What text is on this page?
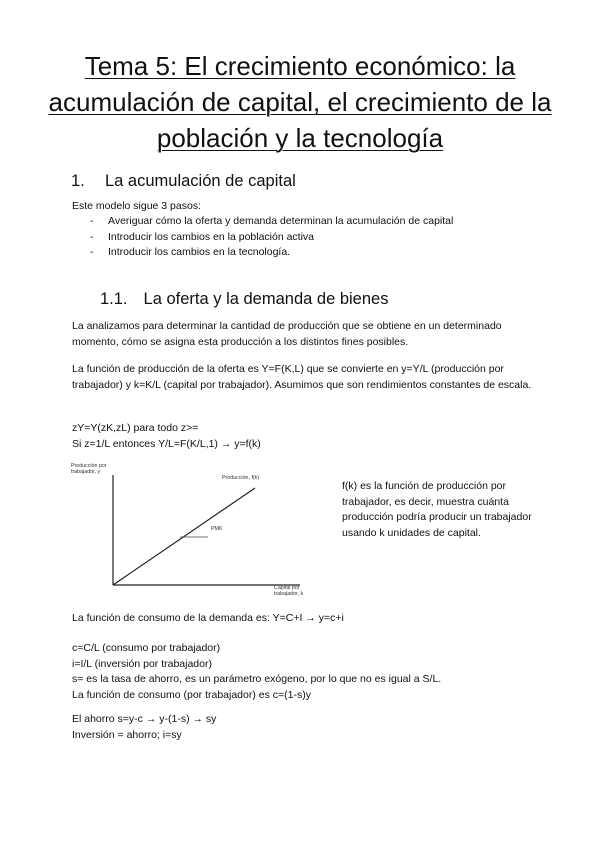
Tema 5: El crecimiento económico: la
acumulación de capital, el crecimiento de la
población y la tecnología
1. La acumulación de capital

Este modelo sigue 3 pasos:

- Averiguar cómo la oferta y demanda determinan la acumulación de capital
- Introducir los cambios en la población activa
- Introducir los cambios en la tecnología.
1.1. La oferta y la demanda de bienes

La analizamos para determinar la cantidad de producción que se obtiene en un determinado momento, cómo se asigna esta producción a los distintos fines posibles.

La función de producción de la oferta es Y=F(K,L) que se convierte en y=Y/L (producción por trabajador) y k=K/L (capital por trabajador). Asumimos que son rendimientos constantes de escala.

zY=Y(zK,zL) para todo z>=
Si z=1/L entonces Y/L=F(K/L,1) → y=f(k)

Producción por
trabajador, y
Producción, f(k)
PMK
Capital por
trabajador, k

f(k) es la función de producción por trabajador, es decir, muestra cuánta producción podría producir un trabajador usando k unidades de capital.

La función de consumo de la demanda es: Y=C+I → y=c+i

c=C/L (consumo por trabajador)
i=I/L (inversión por trabajador)
s= es la tasa de ahorro, es un parámetro exógeno, por lo que no es igual a S/L.
La función de consumo (por trabajador) es c=(1-s)y

El ahorro s=y-c → y-(1-s) → sy
Inversión = ahorro; i=sy
